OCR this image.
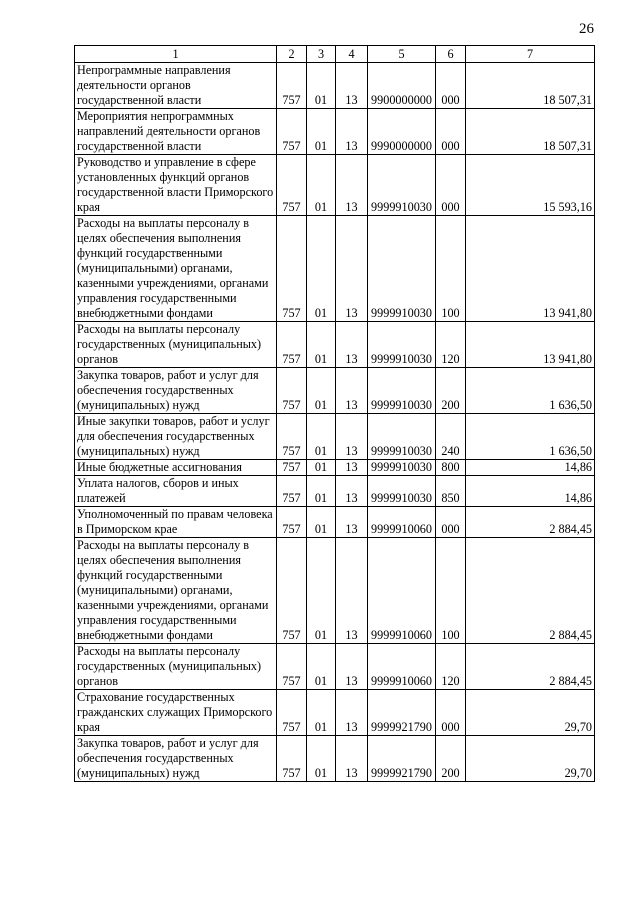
26
1	2	3	4	5	6	7
Непрограммные направления деятельности органов государственной власти	757	01	13	9900000000	000	18 507,31
Мероприятия непрограммных направлений деятельности органов государственной власти	757	01	13	9990000000	000	18 507,31
Руководство и управление в сфере установленных функций органов государственной власти Приморского края	757	01	13	9999910030	000	15 593,16
Расходы на выплаты персоналу в целях обеспечения выполнения функций государственными (муниципальными) органами, казенными учреждениями, органами управления государственными внебюджетными фондами	757	01	13	9999910030	100	13 941,80
Расходы на выплаты персоналу государственных (муниципальных) органов	757	01	13	9999910030	120	13 941,80
Закупка товаров, работ и услуг для обеспечения государственных (муниципальных) нужд	757	01	13	9999910030	200	1 636,50
Иные закупки товаров, работ и услуг для обеспечения государственных (муниципальных) нужд	757	01	13	9999910030	240	1 636,50
Иные бюджетные ассигнования	757	01	13	9999910030	800	14,86
Уплата налогов, сборов и иных платежей	757	01	13	9999910030	850	14,86
Уполномоченный по правам человека в Приморском крае	757	01	13	9999910060	000	2 884,45
Расходы на выплаты персоналу в целях обеспечения выполнения функций государственными (муниципальными) органами, казенными учреждениями, органами управления государственными внебюджетными фондами	757	01	13	9999910060	100	2 884,45
Расходы на выплаты персоналу государственных (муниципальных) органов	757	01	13	9999910060	120	2 884,45
Страхование государственных гражданских служащих Приморского края	757	01	13	9999921790	000	29,70
Закупка товаров, работ и услуг для обеспечения государственных (муниципальных) нужд	757	01	13	9999921790	200	29,70
